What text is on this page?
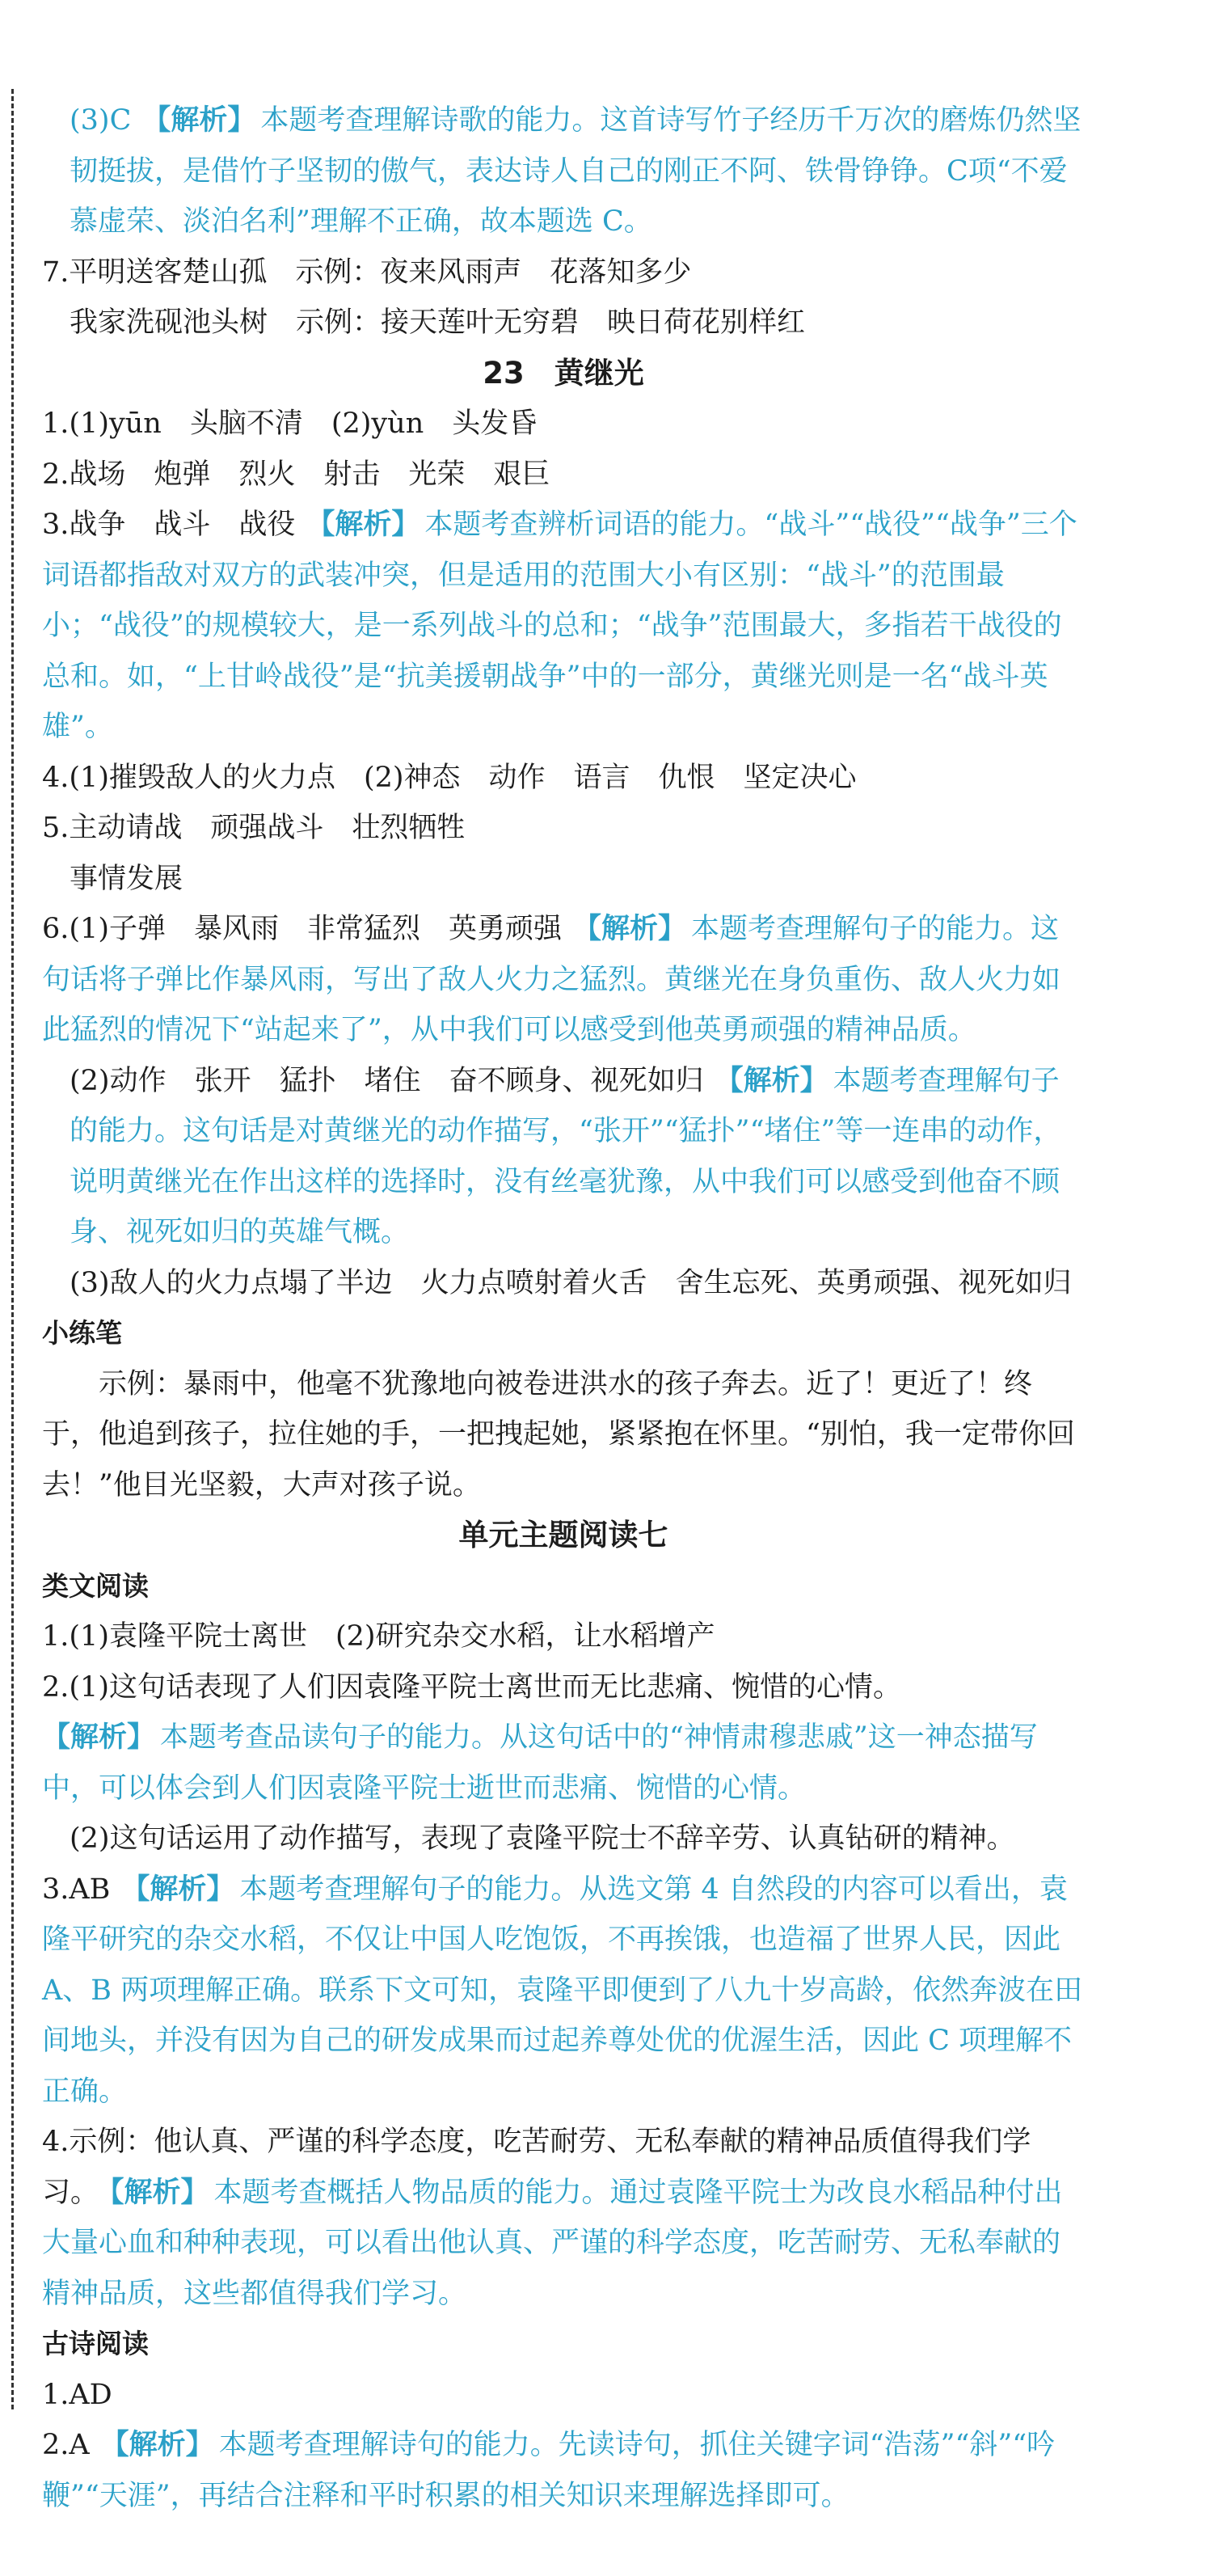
(3)C 【解析】 本题考查理解诗歌的能力。这首诗写竹子经历千万次的磨炼仍然坚韧挺拔，是借竹子坚韧的傲气，表达诗人自己的刚正不阿、铁骨铮铮。C项“不爱慕虚荣、淡泊名利”理解不正确，故本题选 C。

7.平明送客楚山孤　示例：夜来风雨声　花落知多少

我家洗砚池头树　示例：接天莲叶无穷碧　映日荷花别样红

23　黄继光

1.(1)yūn　头脑不清　(2)yùn　头发昏

2.战场　炮弹　烈火　射击　光荣　艰巨

3.战争　战斗　战役 【解析】 本题考查辨析词语的能力。“战斗”“战役”“战争”三个词语都指敌对双方的武装冲突，但是适用的范围大小有区别：“战斗”的范围最小；“战役”的规模较大，是一系列战斗的总和；“战争”范围最大，多指若干战役的总和。如，“上甘岭战役”是“抗美援朝战争”中的一部分，黄继光则是一名“战斗英雄”。

4.(1)摧毁敌人的火力点　(2)神态　动作　语言　仇恨　坚定决心

5.主动请战　顽强战斗　壮烈牺牲

事情发展

6.(1)子弹　暴风雨　非常猛烈　英勇顽强 【解析】 本题考查理解句子的能力。这句话将子弹比作暴风雨，写出了敌人火力之猛烈。黄继光在身负重伤、敌人火力如此猛烈的情况下“站起来了”，从中我们可以感受到他英勇顽强的精神品质。

(2)动作　张开　猛扑　堵住　奋不顾身、视死如归 【解析】 本题考查理解句子的能力。这句话是对黄继光的动作描写，“张开”“猛扑”“堵住”等一连串的动作，说明黄继光在作出这样的选择时，没有丝毫犹豫，从中我们可以感受到他奋不顾身、视死如归的英雄气概。

(3)敌人的火力点塌了半边　火力点喷射着火舌　舍生忘死、英勇顽强、视死如归

小练笔

示例：暴雨中，他毫不犹豫地向被卷进洪水的孩子奔去。近了！更近了！终于，他追到孩子，拉住她的手，一把拽起她，紧紧抱在怀里。“别怕，我一定带你回去！”他目光坚毅，大声对孩子说。

单元主题阅读七

类文阅读

1.(1)袁隆平院士离世　(2)研究杂交水稻，让水稻增产

2.(1)这句话表现了人们因袁隆平院士离世而无比悲痛、惋惜的心情。

【解析】 本题考查品读句子的能力。从这句话中的“神情肃穆悲戚”这一神态描写中，可以体会到人们因袁隆平院士逝世而悲痛、惋惜的心情。

(2)这句话运用了动作描写，表现了袁隆平院士不辞辛劳、认真钻研的精神。

3.AB 【解析】 本题考查理解句子的能力。从选文第 4 自然段的内容可以看出，袁隆平研究的杂交水稻，不仅让中国人吃饱饭，不再挨饿，也造福了世界人民，因此 A、B 两项理解正确。联系下文可知，袁隆平即便到了八九十岁高龄，依然奔波在田间地头，并没有因为自己的研发成果而过起养尊处优的优渥生活，因此 C 项理解不正确。

4.示例：他认真、严谨的科学态度，吃苦耐劳、无私奉献的精神品质值得我们学习。 【解析】 本题考查概括人物品质的能力。通过袁隆平院士为改良水稻品种付出大量心血和种种表现，可以看出他认真、严谨的科学态度，吃苦耐劳、无私奉献的精神品质，这些都值得我们学习。

古诗阅读

1.AD

2.A 【解析】 本题考查理解诗句的能力。先读诗句，抓住关键字词“浩荡”“斜”“吟鞭”“天涯”，再结合注释和平时积累的相关知识来理解选择即可。
